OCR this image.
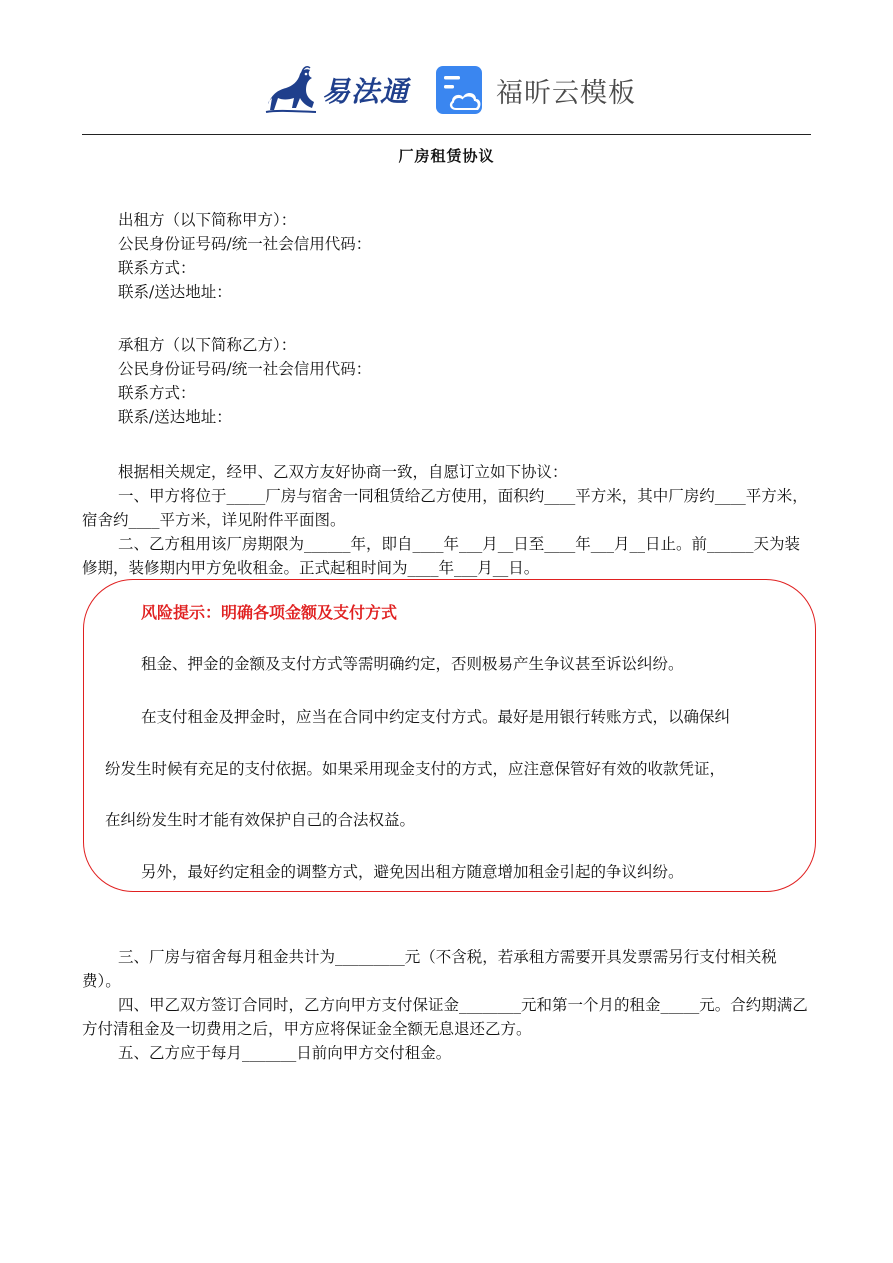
易法通	福昕云模板
厂房租赁协议

出租方（以下简称甲方）：

公民身份证号码/统一社会信用代码：

联系方式：

联系/送达地址：

承租方（以下简称乙方）：

公民身份证号码/统一社会信用代码：

联系方式：

联系/送达地址：

根据相关规定，经甲、乙双方友好协商一致，自愿订立如下协议：

一、甲方将位于_____厂房与宿舍一同租赁给乙方使用，面积约____平方米，其中厂房约____平方米，宿舍约____平方米，详见附件平面图。

二、乙方租用该厂房期限为______年，即自____年___月__日至____年___月__日止。前______天为装修期，装修期内甲方免收租金。正式起租时间为____年___月__日。

风险提示：明确各项金额及支付方式
租金、押金的金额及支付方式等需明确约定，否则极易产生争议甚至诉讼纠纷。
在支付租金及押金时，应当在合同中约定支付方式。最好是用银行转账方式，以确保纠
纷发生时候有充足的支付依据。如果采用现金支付的方式，应注意保管好有效的收款凭证，
在纠纷发生时才能有效保护自己的合法权益。
另外，最好约定租金的调整方式，避免因出租方随意增加租金引起的争议纠纷。

三、厂房与宿舍每月租金共计为_________元（不含税，若承租方需要开具发票需另行支付相关税费）。

四、甲乙双方签订合同时，乙方向甲方支付保证金________元和第一个月的租金_____元。合约期满乙方付清租金及一切费用之后，甲方应将保证金全额无息退还乙方。

五、乙方应于每月_______日前向甲方交付租金。
